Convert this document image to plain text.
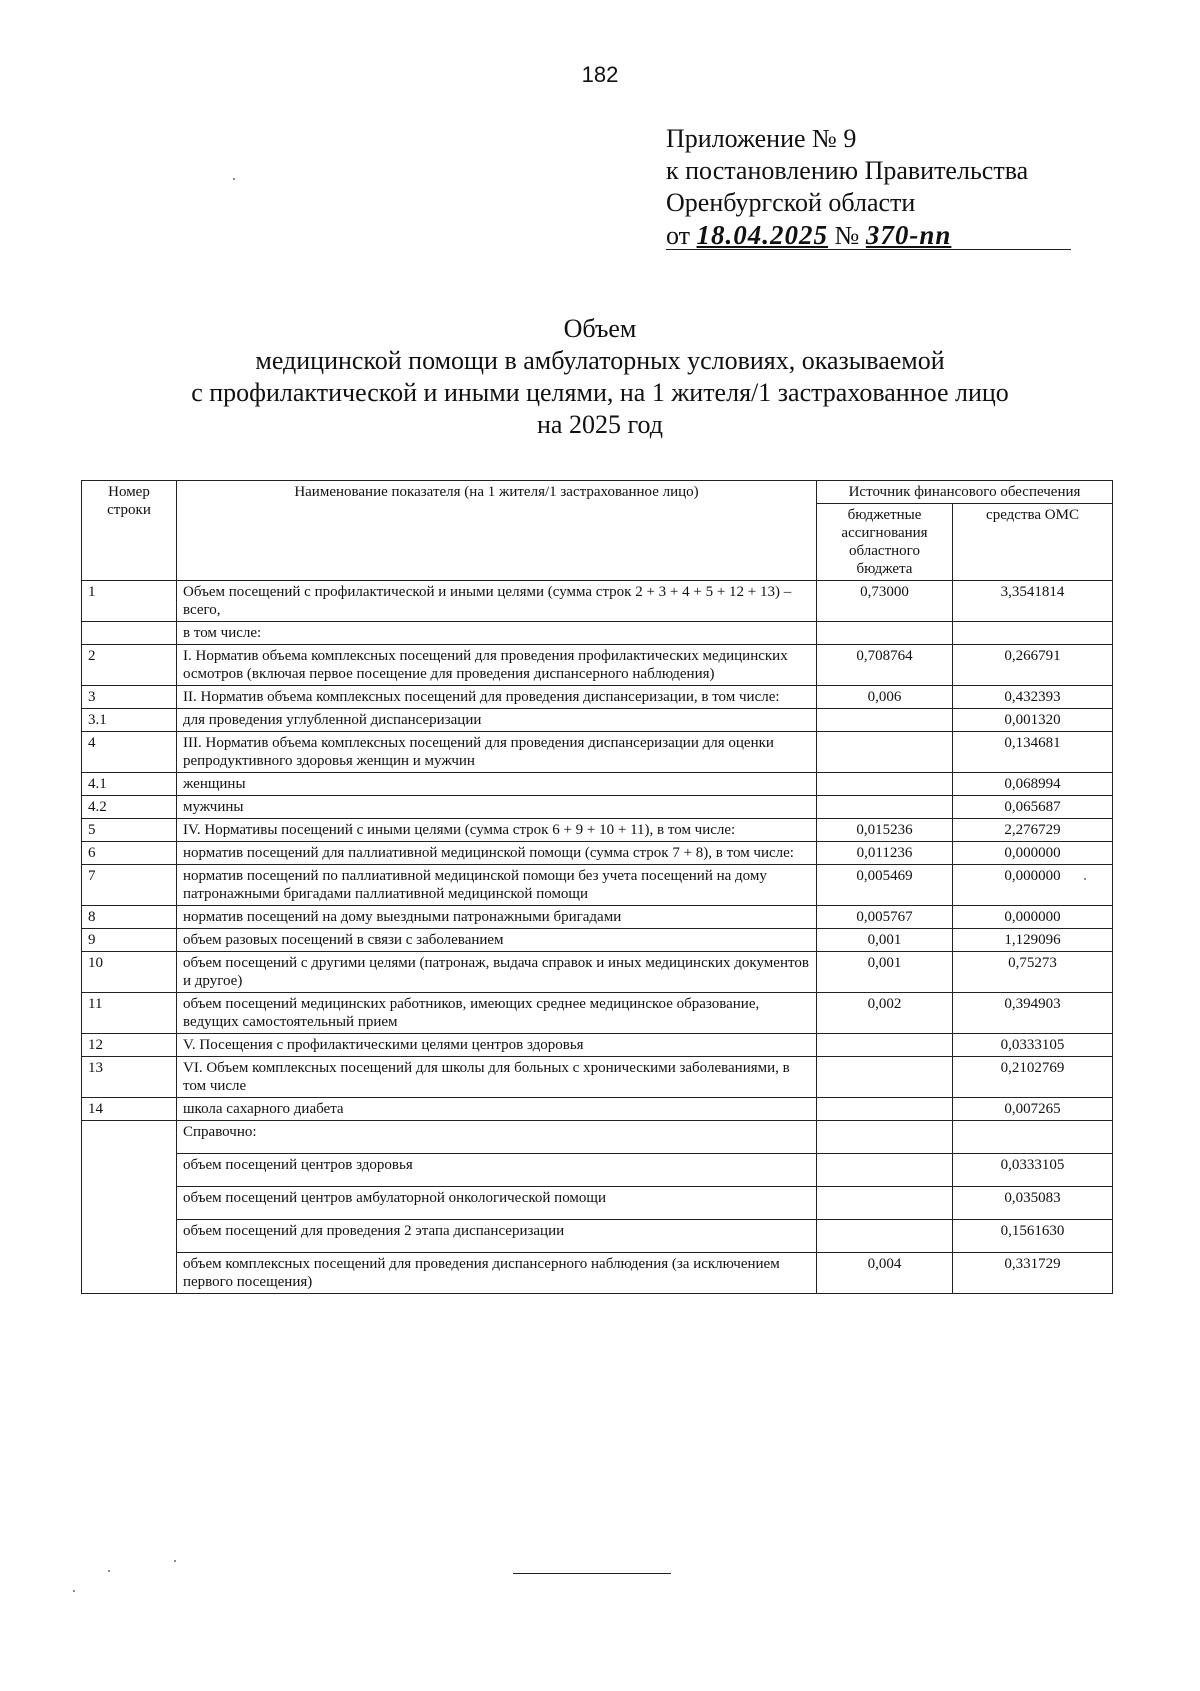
182
Приложение № 9
к постановлению Правительства
Оренбургской области
от 18.04.2025 № 370-пп
Объем
медицинской помощи в амбулаторных условиях, оказываемой
с профилактической и иными целями, на 1 жителя/1 застрахованное лицо
на 2025 год
Номер строки	Наименование показателя (на 1 жителя/1 застрахованное лицо)	Источник финансового обеспечения	
		бюджетные ассигнования областного бюджета	средства ОМС
1	Объем посещений с профилактической и иными целями (сумма строк 2 + 3 + 4 + 5 + 12 + 13) – всего,	0,73000	3,3541814
	в том числе:		
2	I. Норматив объема комплексных посещений для проведения профилактических медицинских осмотров (включая первое посещение для проведения диспансерного наблюдения)	0,708764	0,266791
3	II. Норматив объема комплексных посещений для проведения диспансеризации, в том числе:	0,006	0,432393
3.1	для проведения углубленной диспансеризации		0,001320
4	III. Норматив объема комплексных посещений для проведения диспансеризации для оценки репродуктивного здоровья женщин и мужчин		0,134681
4.1	женщины		0,068994
4.2	мужчины		0,065687
5	IV. Нормативы посещений с иными целями (сумма строк 6 + 9 + 10 + 11), в том числе:	0,015236	2,276729
6	норматив посещений для паллиативной медицинской помощи (сумма строк 7 + 8), в том числе:	0,011236	0,000000
7	норматив посещений по паллиативной медицинской помощи без учета посещений на дому патронажными бригадами паллиативной медицинской помощи	0,005469	0,000000
8	норматив посещений на дому выездными патронажными бригадами	0,005767	0,000000
9	объем разовых посещений в связи с заболеванием	0,001	1,129096
10	объем посещений с другими целями (патронаж, выдача справок и иных медицинских документов и другое)	0,001	0,75273
11	объем посещений медицинских работников, имеющих среднее медицинское образование, ведущих самостоятельный прием	0,002	0,394903
12	V. Посещения с профилактическими целями центров здоровья		0,0333105
13	VI. Объем комплексных посещений для школы для больных с хроническими заболеваниями, в том числе		0,2102769
14	школа сахарного диабета		0,007265
	Справочно:		
	объем посещений центров здоровья		0,0333105
	объем посещений центров амбулаторной онкологической помощи		0,035083
	объем посещений для проведения 2 этапа диспансеризации		0,1561630
	объем комплексных посещений для проведения диспансерного наблюдения (за исключением первого посещения)	0,004	0,331729
